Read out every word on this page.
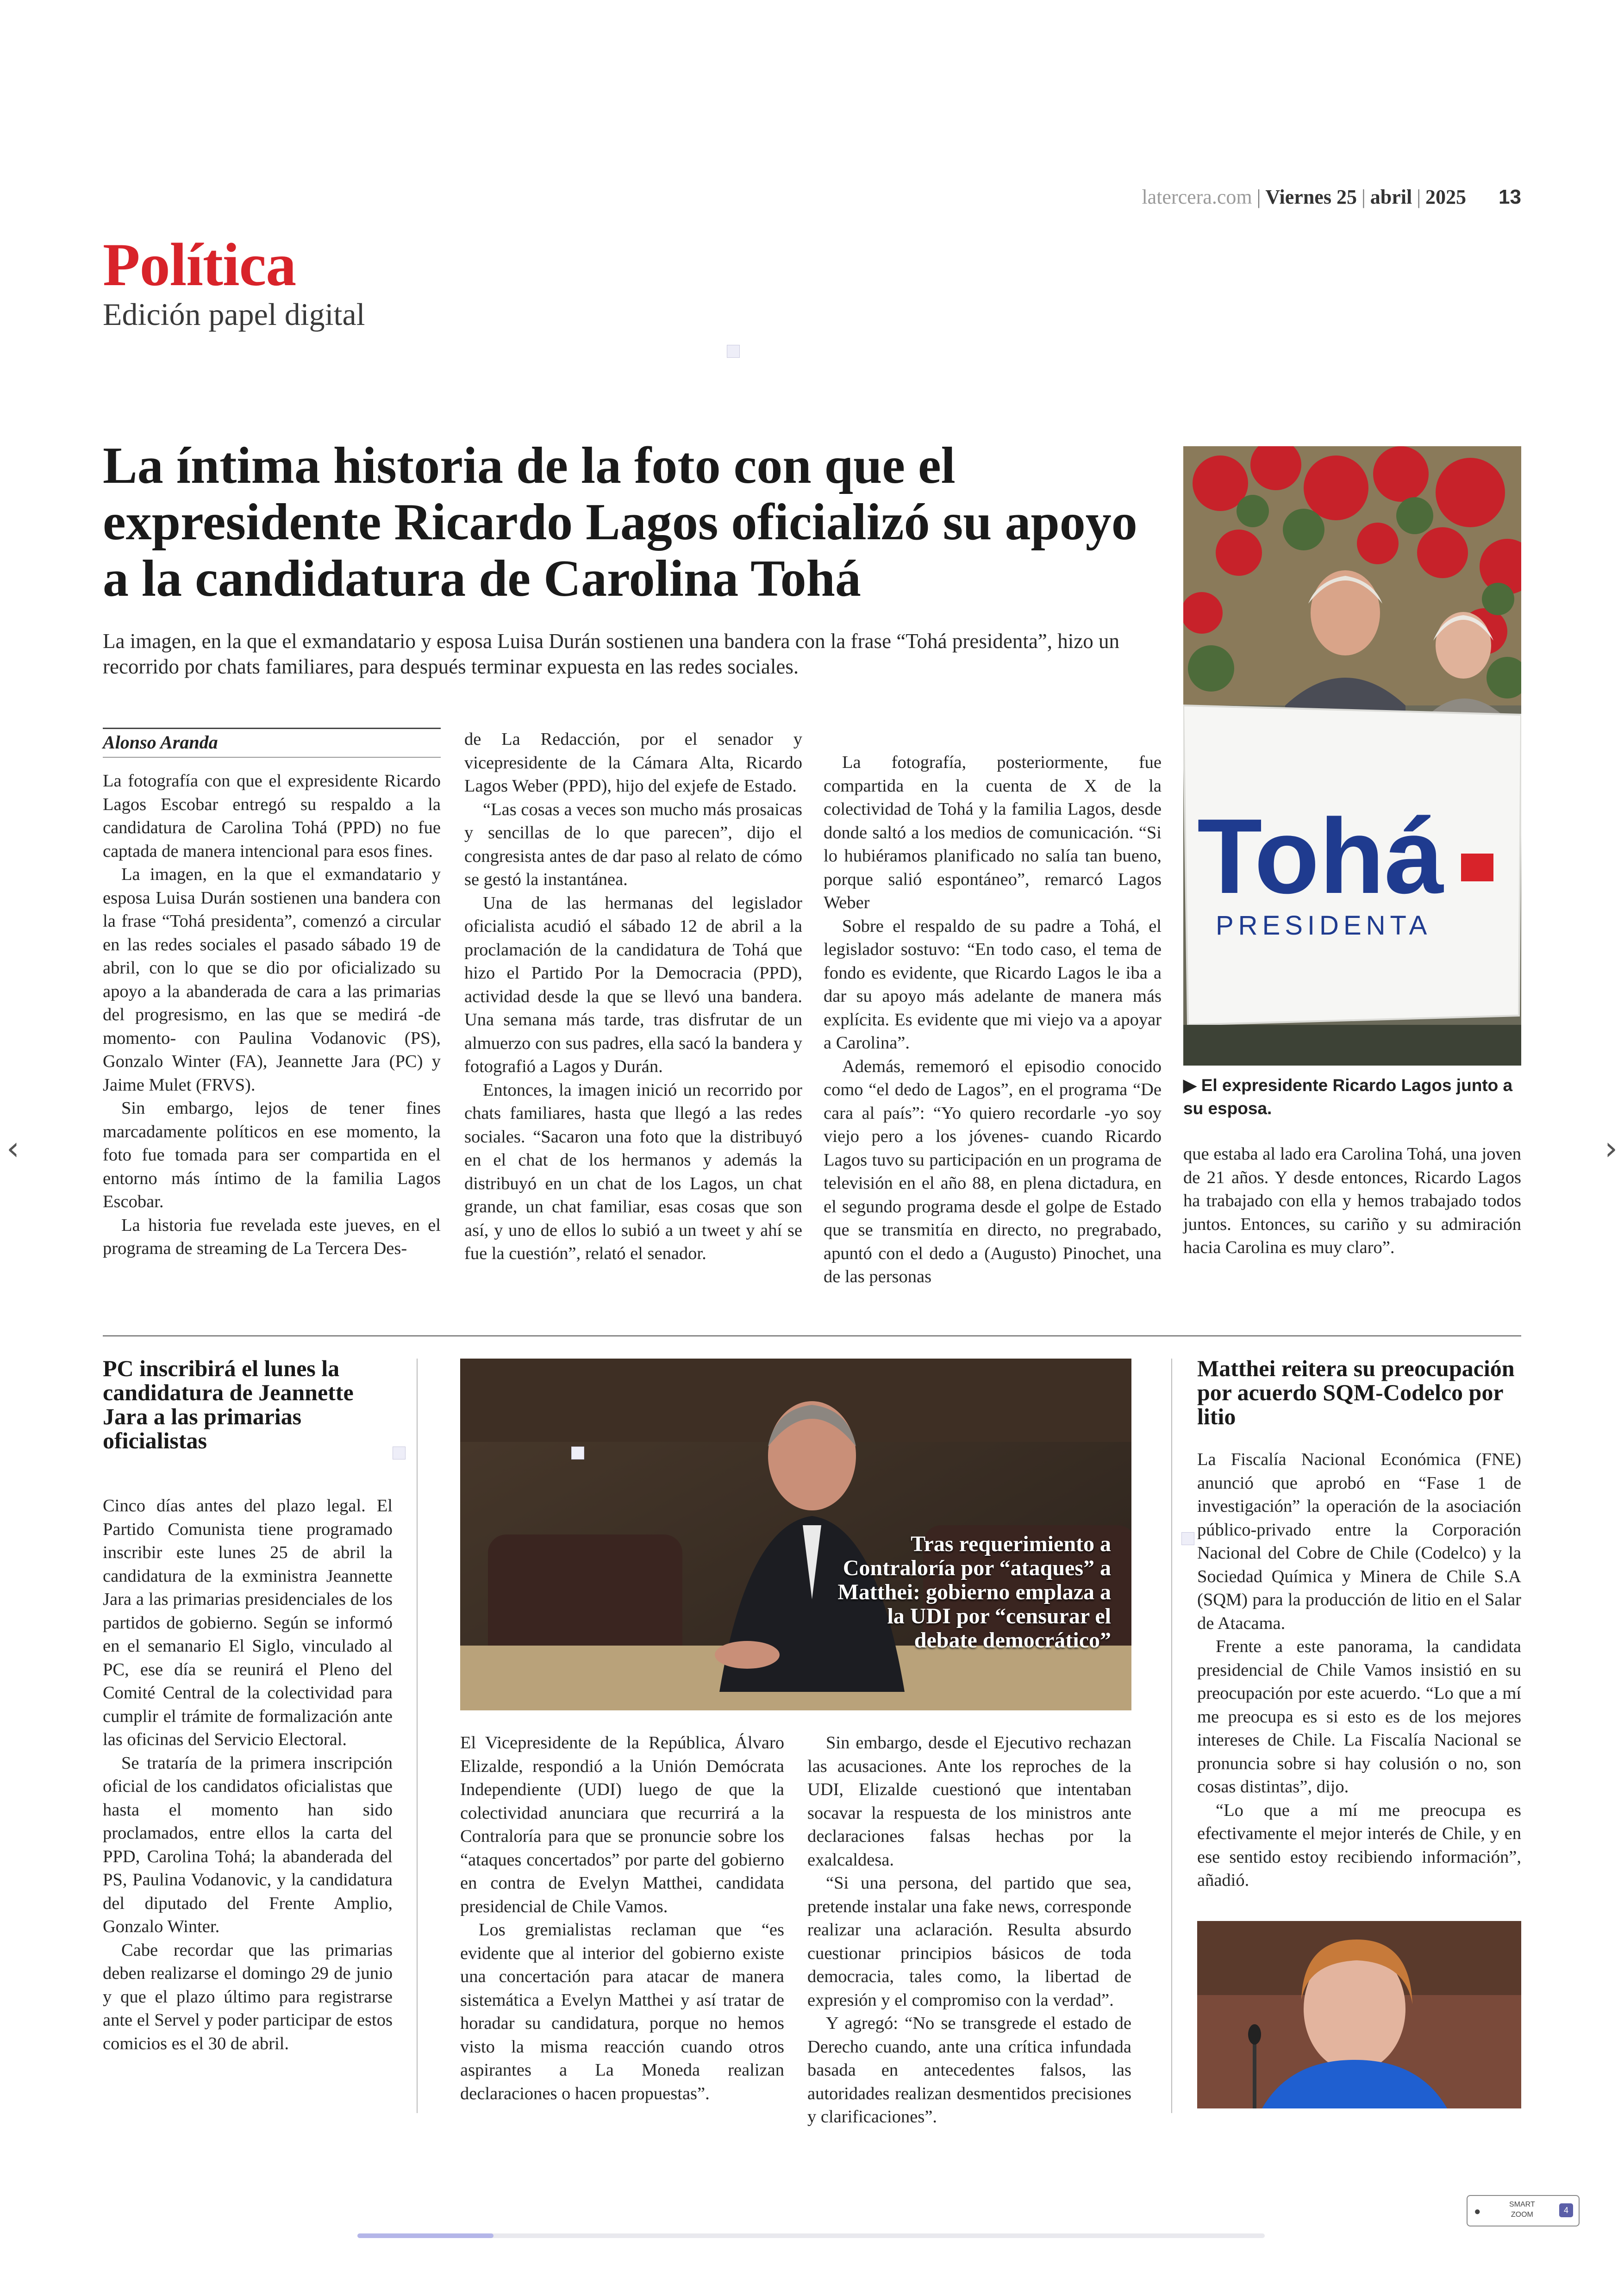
latercera.com | Viernes 25 | abril | 2025 13
Política
Edición papel digital
La íntima historia de la foto con que el expresidente Ricardo Lagos oficializó su apoyo a la candidatura de Carolina Tohá
La imagen, en la que el exmandatario y esposa Luisa Durán sostienen una bandera con la frase “Tohá presidenta”, hizo un recorrido por chats familiares, para después terminar expuesta en las redes sociales.
Alonso Aranda

La fotografía con que el expresidente Ricardo Lagos Escobar entregó su respaldo a la candidatura de Carolina Tohá (PPD) no fue captada de manera intencional para esos fines.

La imagen, en la que el exmandatario y esposa Luisa Durán sostienen una bandera con la frase “Tohá presidenta”, comenzó a circular en las redes sociales el pasado sábado 19 de abril, con lo que se dio por oficializado su apoyo a la abanderada de cara a las primarias del progresismo, en las que se medirá -de momento- con Paulina Vodanovic (PS), Gonzalo Winter (FA), Jeannette Jara (PC) y Jaime Mulet (FRVS).

Sin embargo, lejos de tener fines marcadamente políticos en ese momento, la foto fue tomada para ser compartida en el entorno más íntimo de la familia Lagos Escobar.

La historia fue revelada este jueves, en el programa de streaming de La Tercera Des-

de La Redacción, por el senador y vicepresidente de la Cámara Alta, Ricardo Lagos Weber (PPD), hijo del exjefe de Estado.

“Las cosas a veces son mucho más prosaicas y sencillas de lo que parecen”, dijo el congresista antes de dar paso al relato de cómo se gestó la instantánea.

Una de las hermanas del legislador oficialista acudió el sábado 12 de abril a la proclamación de la candidatura de Tohá que hizo el Partido Por la Democracia (PPD), actividad desde la que se llevó una bandera. Una semana más tarde, tras disfrutar de un almuerzo con sus padres, ella sacó la bandera y fotografió a Lagos y Durán.

Entonces, la imagen inició un recorrido por chats familiares, hasta que llegó a las redes sociales. “Sacaron una foto que la distribuyó en el chat de los hermanos y además la distribuyó en un chat de los Lagos, un chat grande, un chat familiar, esas cosas que son así, y uno de ellos lo subió a un tweet y ahí se fue la cuestión”, relató el senador.

La fotografía, posteriormente, fue compartida en la cuenta de X de la colectividad de Tohá y la familia Lagos, desde donde saltó a los medios de comunicación. “Si lo hubiéramos planificado no salía tan bueno, porque salió espontáneo”, remarcó Lagos Weber

Sobre el respaldo de su padre a Tohá, el legislador sostuvo: “En todo caso, el tema de fondo es evidente, que Ricardo Lagos le iba a dar su apoyo más adelante de manera más explícita. Es evidente que mi viejo va a apoyar a Carolina”.

Además, rememoró el episodio conocido como “el dedo de Lagos”, en el programa “De cara al país”: “Yo quiero recordarle -yo soy viejo pero a los jóvenes- cuando Ricardo Lagos tuvo su participación en un programa de televisión en el año 88, en plena dictadura, en el segundo programa desde el golpe de Estado que se transmitía en directo, no pregrabado, apuntó con el dedo a (Augusto) Pinochet, una de las personas

Tohá
PRESIDENTA
▶ El expresidente Ricardo Lagos junto a su esposa.

que estaba al lado era Carolina Tohá, una joven de 21 años. Y desde entonces, Ricardo Lagos ha trabajado con ella y hemos trabajado todos juntos. Entonces, su cariño y su admiración hacia Carolina es muy claro”.

PC inscribirá el lunes la candidatura de Jeannette Jara a las primarias oficialistas

Cinco días antes del plazo legal. El Partido Comunista tiene programado inscribir este lunes 25 de abril la candidatura de la exministra Jeannette Jara a las primarias presidenciales de los partidos de gobierno. Según se informó en el semanario El Siglo, vinculado al PC, ese día se reunirá el Pleno del Comité Central de la colectividad para cumplir el trámite de formalización ante las oficinas del Servicio Electoral.

Se trataría de la primera inscripción oficial de los candidatos oficialistas que hasta el momento han sido proclamados, entre ellos la carta del PPD, Carolina Tohá; la abanderada del PS, Paulina Vodanovic, y la candidatura del diputado del Frente Amplio, Gonzalo Winter.

Cabe recordar que las primarias deben realizarse el domingo 29 de junio y que el plazo último para registrarse ante el Servel y poder participar de estos comicios es el 30 de abril.

Tras requerimiento a Contraloría por “ataques” a Matthei: gobierno emplaza a la UDI por “censurar el debate democrático”

El Vicepresidente de la República, Álvaro Elizalde, respondió a la Unión Demócrata Independiente (UDI) luego de que la colectividad anunciara que recurrirá a la Contraloría para que se pronuncie sobre los “ataques concertados” por parte del gobierno en contra de Evelyn Matthei, candidata presidencial de Chile Vamos.

Los gremialistas reclaman que “es evidente que al interior del gobierno existe una concertación para atacar de manera sistemática a Evelyn Matthei y así tratar de horadar su candidatura, porque no hemos visto la misma reacción cuando otros aspirantes a La Moneda realizan declaraciones o hacen propuestas”.

Sin embargo, desde el Ejecutivo rechazan las acusaciones. Ante los reproches de la UDI, Elizalde cuestionó que intentaban socavar la respuesta de los ministros ante declaraciones falsas hechas por la exalcaldesa.

“Si una persona, del partido que sea, pretende instalar una fake news, corresponde realizar una aclaración. Resulta absurdo cuestionar principios básicos de toda democracia, tales como, la libertad de expresión y el compromiso con la verdad”.

Y agregó: “No se transgrede el estado de Derecho cuando, ante una crítica infundada basada en antecedentes falsos, las autoridades realizan desmentidos precisiones y clarificaciones”.

Matthei reitera su preocupación por acuerdo SQM-Codelco por litio

La Fiscalía Nacional Económica (FNE) anunció que aprobó en “Fase 1 de investigación” la operación de la asociación público-privado entre la Corporación Nacional del Cobre de Chile (Codelco) y la Sociedad Química y Minera de Chile S.A (SQM) para la producción de litio en el Salar de Atacama.

Frente a este panorama, la candidata presidencial de Chile Vamos insistió en su preocupación por este acuerdo. “Lo que a mí me preocupa es si esto es de los mejores intereses de Chile. La Fiscalía Nacional se pronuncia sobre si hay colusión o no, son cosas distintas”, dijo.

“Lo que a mí me preocupa es efectivamente el mejor interés de Chile, y en ese sentido estoy recibiendo información”, añadió.

‹	›
●
SMART
ZOOM	4
